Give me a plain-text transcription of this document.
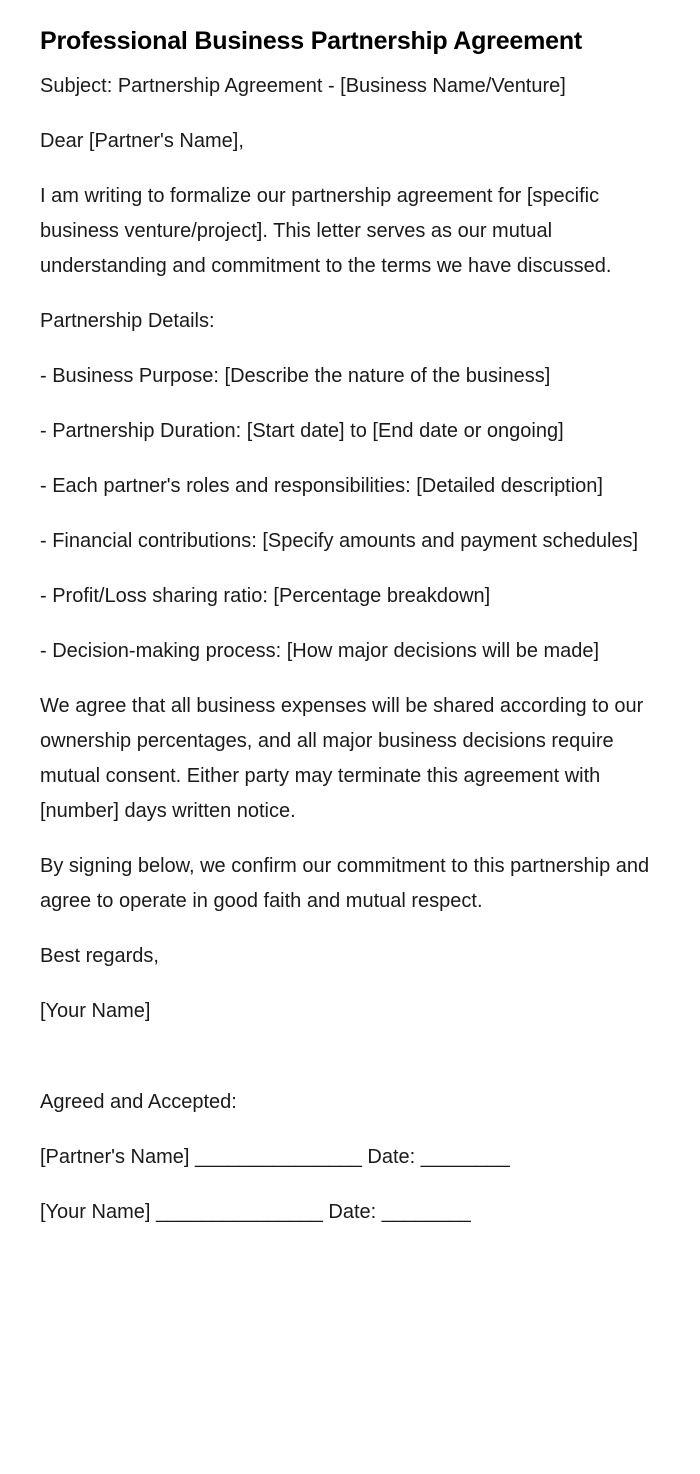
Professional Business Partnership Agreement

Subject: Partnership Agreement - [Business Name/Venture]

Dear [Partner's Name],

I am writing to formalize our partnership agreement for [specific business venture/project]. This letter serves as our mutual understanding and commitment to the terms we have discussed.

Partnership Details:

- Business Purpose: [Describe the nature of the business]

- Partnership Duration: [Start date] to [End date or ongoing]

- Each partner's roles and responsibilities: [Detailed description]

- Financial contributions: [Specify amounts and payment schedules]

- Profit/Loss sharing ratio: [Percentage breakdown]

- Decision-making process: [How major decisions will be made]

We agree that all business expenses will be shared according to our ownership percentages, and all major business decisions require mutual consent. Either party may terminate this agreement with [number] days written notice.

By signing below, we confirm our commitment to this partnership and agree to operate in good faith and mutual respect.

Best regards,

[Your Name]

Agreed and Accepted:

[Partner's Name] _______________ Date: ________

[Your Name] _______________ Date: ________
